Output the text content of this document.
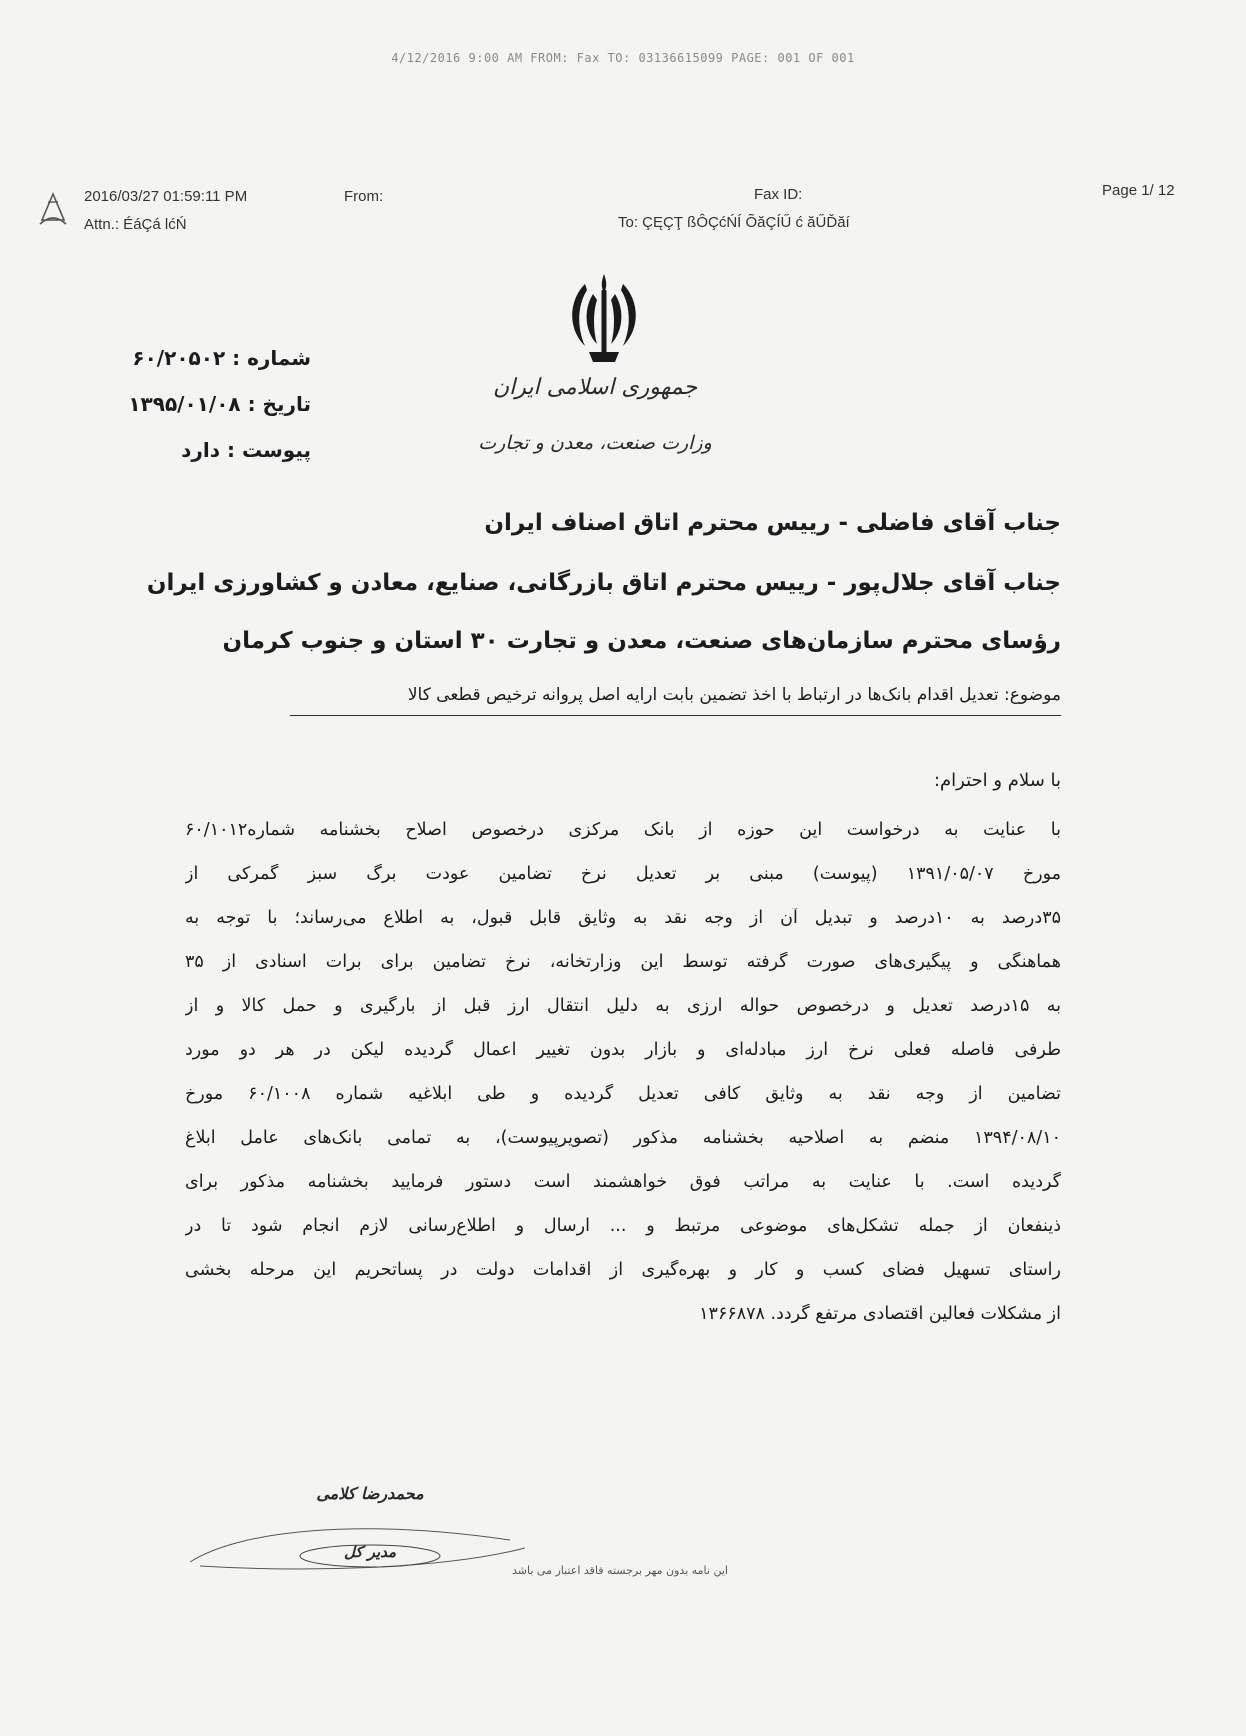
4/12/2016 9:00 AM FROM: Fax TO: 03136615099 PAGE: 001 OF 001

2016/03/27 01:59:11 PM	From:

Attn.: ÉáÇá lćŃ

Fax ID:

To: ÇĘÇŢ ßÔÇćŃÍ ÕăÇÍŰ ć ăŰĎăí

Page 1/ 12

جمهوری اسلامی ایران

وزارت صنعت، معدن و تجارت

شماره : ۶۰/۲۰۵۰۲

تاریخ : ۱۳۹۵/۰۱/۰۸

پیوست : دارد

جناب آقای فاضلی - رییس محترم اتاق اصناف ایران

جناب آقای جلال‌پور - رییس محترم اتاق بازرگانی، صنایع، معادن و کشاورزی ایران

رؤسای محترم سازمان‌های صنعت، معدن و تجارت ۳۰ استان و جنوب کرمان

موضوع: تعدیل اقدام بانک‌ها در ارتباط با اخذ تضمین بابت ارایه اصل پروانه ترخیص قطعی کالا

با سلام و احترام:

با عنایت به درخواست این حوزه از بانک مرکزی درخصوص اصلاح بخشنامه شماره۶۰/۱۰۱۲

مورخ ۱۳۹۱/۰۵/۰۷ (پیوست) مبنی بر تعدیل نرخ تضامین عودت برگ سبز گمرکی از

۳۵درصد به ۱۰درصد و تبدیل آن از وجه نقد به وثایق قابل قبول، به اطلاع می‌رساند؛ با توجه به

هماهنگی و پیگیری‌های صورت گرفته توسط این وزارتخانه، نرخ تضامین برای برات اسنادی از ۳۵

به ۱۵درصد تعدیل و درخصوص حواله ارزی به دلیل انتقال ارز قبل از بارگیری و حمل کالا و از

طرفی فاصله فعلی نرخ ارز مبادله‌ای و بازار بدون تغییر اعمال گردیده لیکن در هر دو مورد

تضامین از وجه نقد به وثایق کافی تعدیل گردیده و طی ابلاغیه شماره ۶۰/۱۰۰۸ مورخ

۱۳۹۴/۰۸/۱۰ منضم به اصلاحیه بخشنامه مذکور (تصویرپیوست)، به تمامی بانک‌های عامل ابلاغ

گردیده است. با عنایت به مراتب فوق خواهشمند است دستور فرمایید بخشنامه مذکور برای

ذینفعان از جمله تشکل‌های موضوعی مرتبط و ... ارسال و اطلاع‌رسانی لازم انجام شود تا در

راستای تسهیل فضای کسب و کار و بهره‌گیری از اقدامات دولت در پساتحریم این مرحله بخشی

از مشکلات فعالین اقتصادی مرتفع گردد. ۱۳۶۶۸۷۸

محمدرضا کلامی

مدیر کل

این نامه بدون مهر برجسته فاقد اعتبار می باشد
